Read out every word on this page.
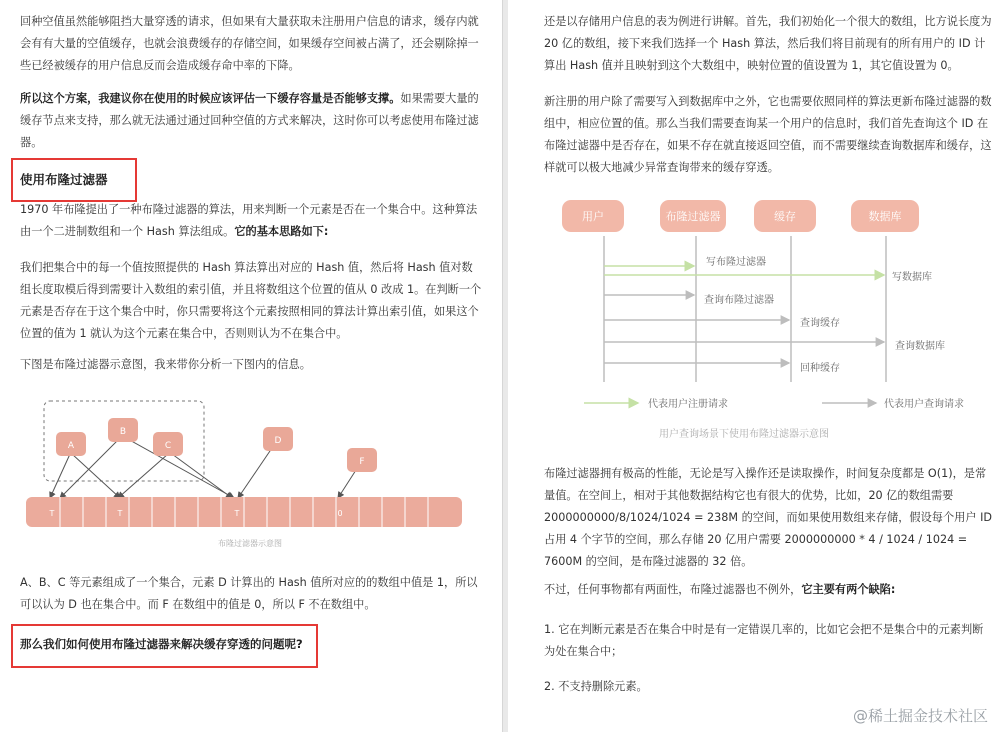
回种空值虽然能够阻挡大量穿透的请求，但如果有大量获取未注册用户信息的请求，缓存内就会有有大量的空值缓存，也就会浪费缓存的存储空间，如果缓存空间被占满了，还会剔除掉一些已经被缓存的用户信息反而会造成缓存命中率的下降。

所以这个方案，我建议你在使用的时候应该评估一下缓存容量是否能够支撑。如果需要大量的缓存节点来支持，那么就无法通过通过回种空值的方式来解决，这时你可以考虑使用布隆过滤器。

使用布隆过滤器

1970 年布隆提出了一种布隆过滤器的算法，用来判断一个元素是否在一个集合中。这种算法由一个二进制数组和一个 Hash 算法组成。它的基本思路如下:

我们把集合中的每一个值按照提供的 Hash 算法算出对应的 Hash 值，然后将 Hash 值对数组长度取模后得到需要计入数组的索引值，并且将数组这个位置的值从 0 改成 1。在判断一个元素是否存在于这个集合中时，你只需要将这个元素按照相同的算法计算出索引值，如果这个位置的值为 1 就认为这个元素在集合中，否则则认为不在集合中。

下图是布隆过滤器示意图，我来带你分析一下图内的信息。

A
B
C	D
F
T	T	T	0
布隆过滤器示意图

A、B、C 等元素组成了一个集合，元素 D 计算出的 Hash 值所对应的的数组中值是 1，所以可以认为 D 也在集合中。而 F 在数组中的值是 0，所以 F 不在数组中。

那么我们如何使用布隆过滤器来解决缓存穿透的问题呢?

还是以存储用户信息的表为例进行讲解。首先，我们初始化一个很大的数组，比方说长度为 20 亿的数组，接下来我们选择一个 Hash 算法，然后我们将目前现有的所有用户的 ID 计算出 Hash 值并且映射到这个大数组中，映射位置的值设置为 1，其它值设置为 0。

新注册的用户除了需要写入到数据库中之外，它也需要依照同样的算法更新布隆过滤器的数组中，相应位置的值。那么当我们需要查询某一个用户的信息时，我们首先查询这个 ID 在布隆过滤器中是否存在，如果不存在就直接返回空值，而不需要继续查询数据库和缓存，这样就可以极大地减少异常查询带来的缓存穿透。

用户	布隆过滤器	缓存	数据库
写布隆过滤器
写数据库
查询布隆过滤器
查询缓存
查询数据库
回种缓存
代表用户注册请求	代表用户查询请求
用户查询场景下使用布隆过滤器示意图

布隆过滤器拥有极高的性能，无论是写入操作还是读取操作，时间复杂度都是 O(1)，是常量值。在空间上，相对于其他数据结构它也有很大的优势，比如，20 亿的数组需要 2000000000/8/1024/1024 = 238M 的空间，而如果使用数组来存储，假设每个用户 ID 占用 4 个字节的空间，那么存储 20 亿用户需要 2000000000 * 4 / 1024 / 1024 = 7600M 的空间，是布隆过滤器的 32 倍。

不过，任何事物都有两面性，布隆过滤器也不例外，它主要有两个缺陷:

1. 它在判断元素是否在集合中时是有一定错误几率的，比如它会把不是集合中的元素判断为处在集合中；

2. 不支持删除元素。

@稀土掘金技术社区
